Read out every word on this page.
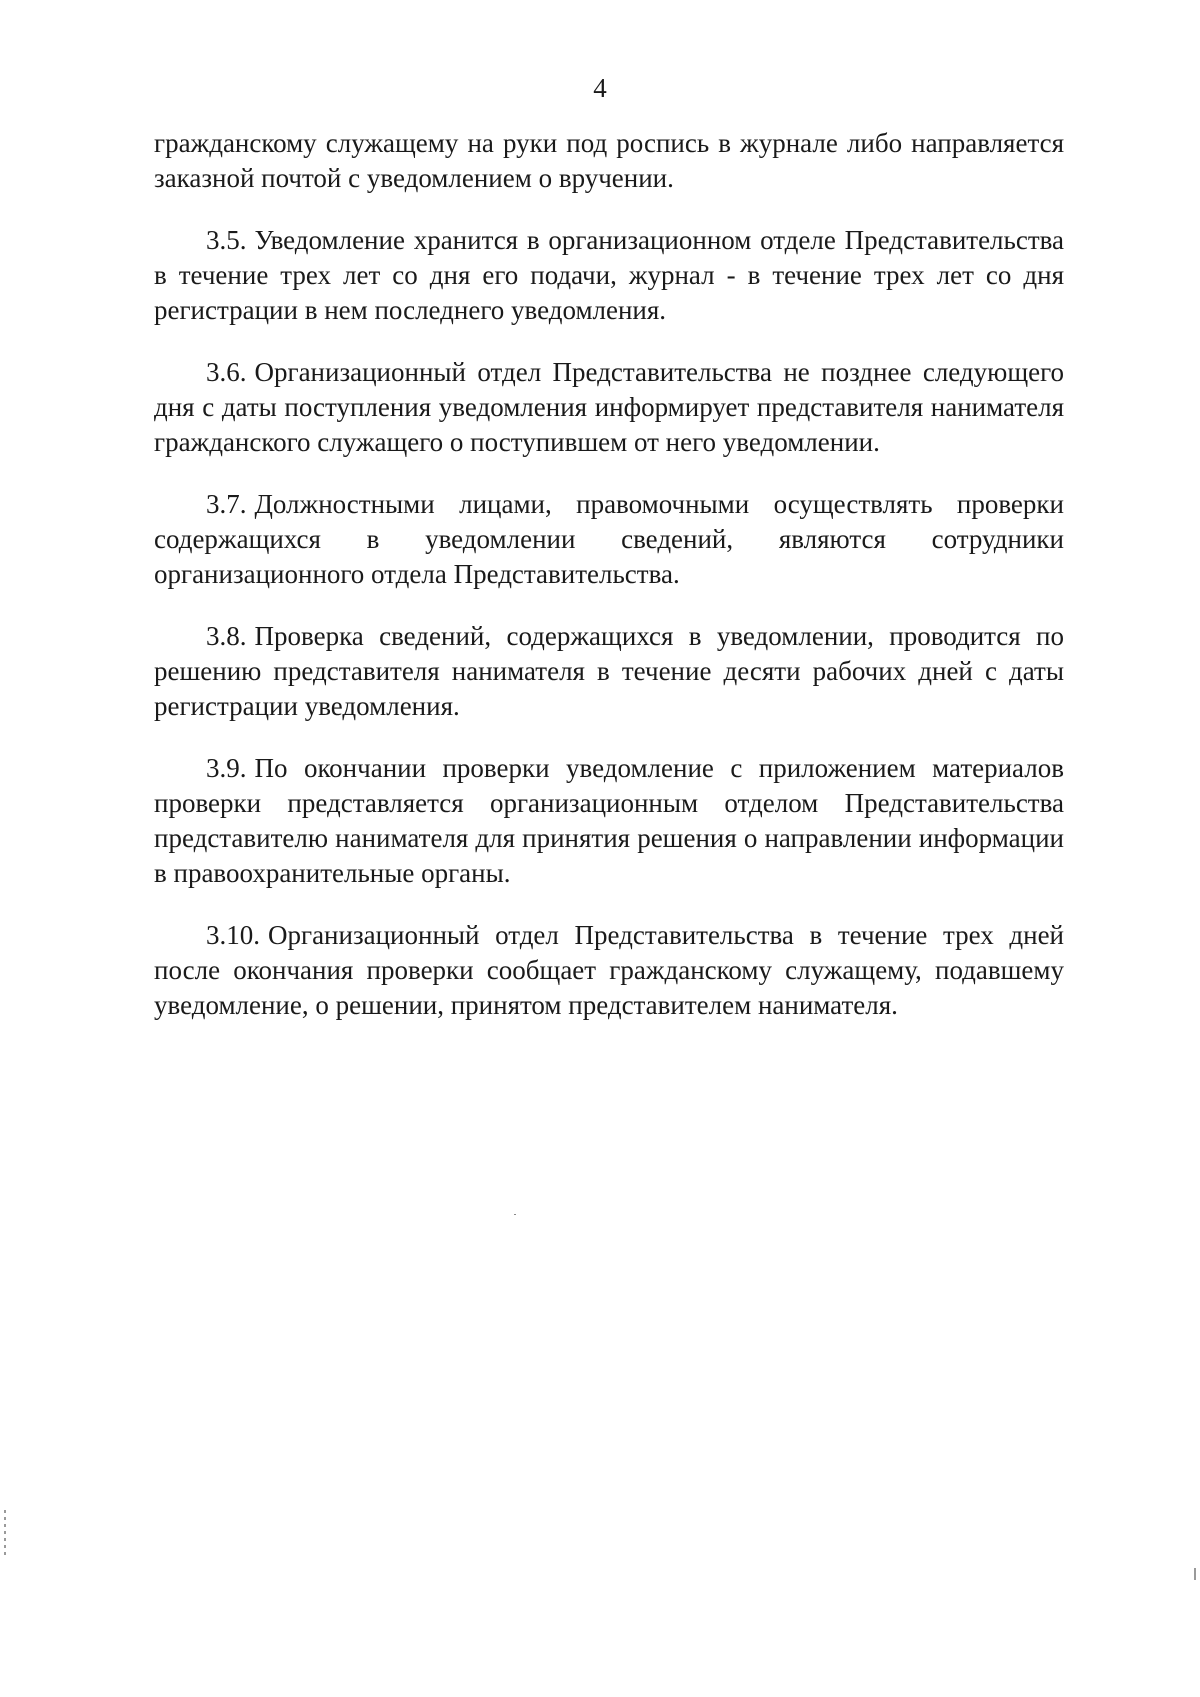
4

гражданскому служащему на руки под роспись в журнале либо направляется заказной почтой с уведомлением о вручении.

3.5. Уведомление хранится в организационном отделе Представительства в течение трех лет со дня его подачи, журнал - в течение трех лет со дня регистрации в нем последнего уведомления.

3.6. Организационный отдел Представительства не позднее следующего дня с даты поступления уведомления информирует представителя нанимателя гражданского служащего о поступившем от него уведомлении.

3.7. Должностными лицами, правомочными осуществлять проверки содержащихся в уведомлении сведений, являются сотрудники организационного отдела Представительства.

3.8. Проверка сведений, содержащихся в уведомлении, проводится по решению представителя нанимателя в течение десяти рабочих дней с даты регистрации уведомления.

3.9. По окончании проверки уведомление с приложением материалов проверки представляется организационным отделом Представительства представителю нанимателя для принятия решения о направлении информации в правоохранительные органы.

3.10. Организационный отдел Представительства в течение трех дней после окончания проверки сообщает гражданскому служащему, подавшему уведомление, о решении, принятом представителем нанимателя.
